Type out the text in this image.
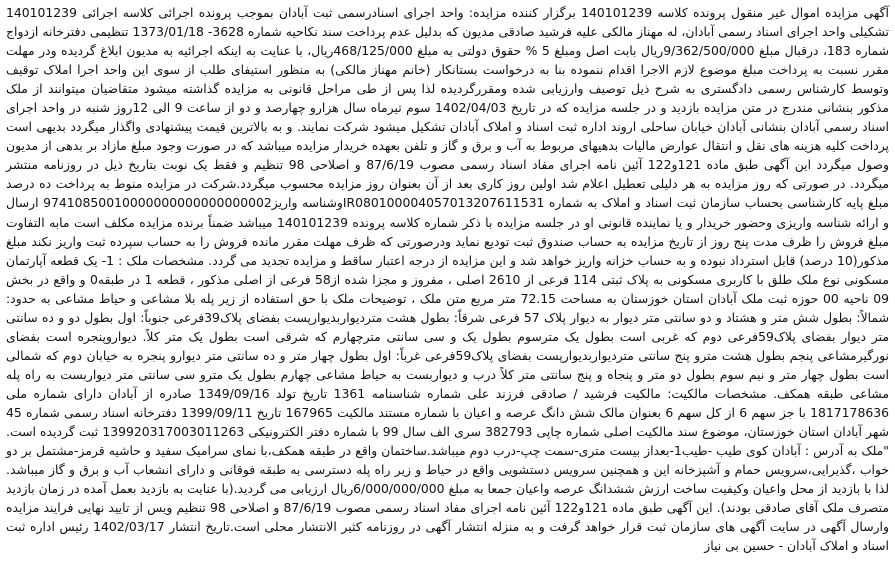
آگهی مزایده اموال غیر منقول پرونده کلاسه 140101239 برگزار کننده مزایده: واحد اجرای اسنادرسمی ثبت آبادان بموجب پرونده اجرائی کلاسه اجرائی 140101239 تشکیلی واحد اجرای اسناد رسمی آبادان، له مهناز مالکی علیه فرشید صادقی مدیون که بدلیل عدم پرداخت سند نکاحیه شماره 3628- 1373/01/18 تنظیمی دفترخانه ازدواج شماره 183، درقبال مبلغ 9/362/500/000ریال بابت اصل ومبلغ 5 % حقوق دولتی به مبلغ 468/125/000ریال، با عنایت به اینکه اجرائیه به مدیون ابلاغ گردیده ودر مهلت مقرر نسبت به پرداخت مبلغ موضوع لازم الاجرا اقدام ننموده بنا به درخواست بستانکار (خانم مهناز مالکی) به منظور استیفای طلب از سوی این واحد اجرا املاک توقیف وتوسط کارشناس رسمی دادگستری به شرح ذیل توصیف وارزیابی شده ومقررگردیده لذا پس از طی مراحل قانونی به مزایده گذاشته میشود متقاضیان میتوانند از ملک مذکور بنشانی مندرج در متن مزایده بازدید و در جلسه مزایده که در تاریخ 1402/04/03 سوم تیرماه سال هزارو چهارصد و دو از ساعت 9 الی 12روز شنبه در واحد اجرای اسناد رسمی آبادان بنشانی آبادان خیابان ساحلی اروند اداره ثبت اسناد و املاک آبادان تشکیل میشود شرکت نمایند. و به بالاترین قیمت پیشنهادی واگذار میگردد بدیهی است پرداخت کلیه هزینه های نقل و انتقال عوارض مالیات بدهیهای مربوط به آب و برق و گاز و تلفن بعهده خریدار مزایده میباشد که در صورت وجود مبلغ مازاد بر بدهی از مدیون وصول میگردد این آگهی طبق ماده 121و122 آئین نامه اجرای مفاد اسناد رسمی مصوب 87/6/19 و اصلاحی 98 تنظیم و فقط یک نوبت بتاریخ ذیل در روزنامه منتشر میگردد. در صورتی که روز مزایده به هر دلیلی تعطیل اعلام شد اولین روز کاری بعد از آن بعنوان روز مزایده محسوب میگردد.شرکت در مزایده منوط به پرداخت ده درصد مبلغ پایه کارشناسی بحساب سازمان ثبت اسناد و املاک به شماره IR080100004057013207611531وشناسه واریز97410850010000000000000000002 ارسال و ارائه شناسه واریزی وحضور خریدار و یا نماینده قانونی او در جلسه مزایده با ذکر شماره کلاسه پرونده 140101239 میباشد ضمناً برنده مزایده مکلف است مابه التفاوت مبلغ فروش را ظرف مدت پنج روز از تاریخ مزایده به حساب صندوق ثبت تودیع نماید ودرصورتی که ظرف مهلت مقرر مانده فروش را به حساب سپرده ثبت واریز نکند مبلغ مذکور(10 درصد) قابل استرداد نبوده و به حساب خزانه واریز خواهد شد و این مزایده از درجه اعتبار ساقط و مزایده تجدید می گردد. مشخصات ملک : 1- یک قطعه آپارتمان مسکونی نوع ملک طلق با کاربری مسکونی به پلاک ثبتی 114 فرعی از 2610 اصلی ، مفروز و مجزا شده از58 فرعی از اصلی مذکور ، قطعه 1 در طبقه0 و واقع در بخش 09 ناحیه 00 حوزه ثبت ملک آبادان استان خوزستان به مساحت 72.15 متر مربع متن ملک ، توضیحات ملک با حق استفاده از زیر پله بلا مشاعی و حیاط مشاعی به حدود: شمالاً: بطول شش متر و هشتاد و دو سانتی متر دیوار به دیوار پلاک 57 فرعی شرقاً: بطول هشت متردیواربدیوارپست بفضای پلاک39فرعی جنوباً: اول بطول دو و ده سانتی متر دیوار بفضای پلاک59فرعی دوم که غربی است بطول یک مترسوم بطول یک و سی سانتی مترچهارم که شرقی است بطول یک متر کلاً. دیواروپنجره است بفضای نورگیرمشاعی پنجم بطول هشت مترو پنج سانتی متردیواربدیوارپست بفضای پلاک59فرعی غرباً: اول بطول چهار متر و ده سانتی متر دیوارو پنجره به خیابان دوم که شمالی است بطول چهار متر و نیم سوم بطول دو متر و پنجاه و پنج سانتی متر کلاً درب و دیواربست به حیاط مشاعی چهارم بطول یک مترو سی سانتی متر دیواربست به راه پله مشاعی طبقه همکف. مشخصات مالکیت: مالکیت فرشید / صادقی فرزند علی شماره شناسنامه 1361 تاریخ تولد 1349/09/16 صادره از آبادان دارای شماره ملی 1817178636 با جز سهم 6 از کل سهم 6 بعنوان مالک شش دانگ عرصه و اعیان با شماره مستند مالکیت 167965 تاریخ 1399/09/11 دفترخانه اسناد رسمی شماره 45 شهر آبادان استان خوزستان، موضوع سند مالکیت اصلی شماره چاپی 382793 سری الف سال 99 با شماره دفتر الکترونیکی 139920317003011263 ثبت گردیده است. "ملک به آدرس : آبادان کوی طیب -طیب1-بعداز بیست متری-سمت چپ-درب دوم میباشد.ساختمان واقع در طبقه همکف،با نمای سرامیک سفید و حاشیه قرمز-مشتمل بر دو خواب ،گذیرایی،سرویس حمام و آشپزخانه این و همچنین سرویس دستشویی واقع در حیاط و زیر راه پله دسترسی به طبقه فوقانی و دارای انشعاب آب و برق و گاز میباشد. لذا با بازدید از محل واعیان وکیفیت ساخت ارزش ششدانگ عرصه واعیان جمعا به مبلغ 6/000/000/000ریال ارزیابی می گردید.(با عنایت به بازدید بعمل آمده در زمان بازدید متصرف ملک آقای صادقی بودند). این آگهی طبق ماده 121و122 آئین نامه اجرای مفاد اسناد رسمی مصوب 87/6/19 و اصلاحی 98 تنظیم ویس از تایید نهایی فرایند مزایده وارسال آگهی در سایت آگهی های سازمان ثبت قرار خواهد گرفت و به منزله انتشار آگهی در روزنامه کثیر الانتشار محلی است.تاریخ انتشار 1402/03/17 رئیس اداره ثبت اسناد و املاک آبادان - حسین بی نیاز
